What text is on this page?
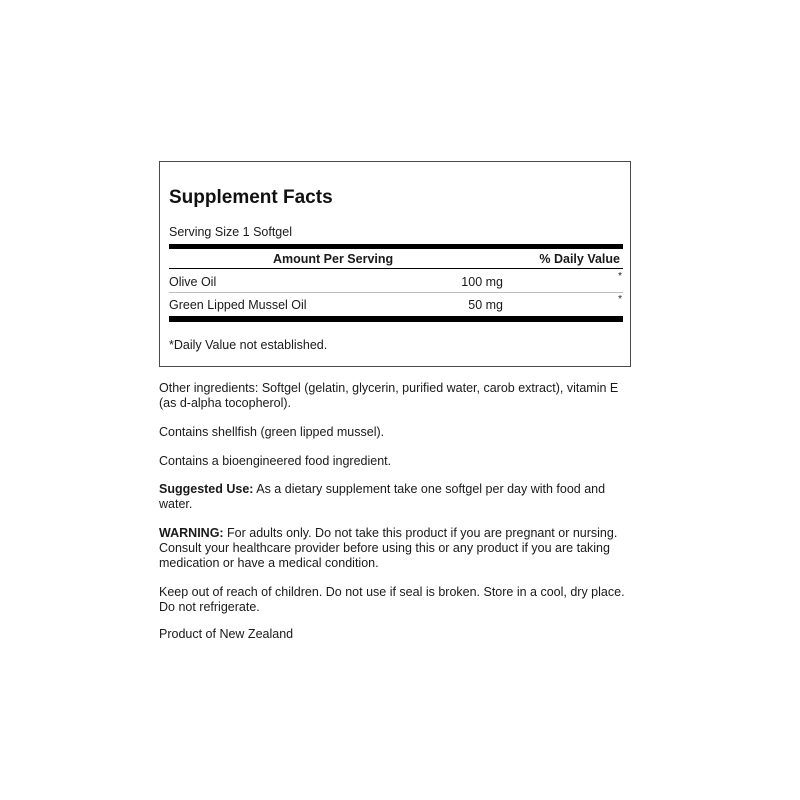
Supplement Facts
Serving Size 1 Softgel
Amount Per Serving	% Daily Value
Olive Oil	100 mg	*
Green Lipped Mussel Oil	50 mg	*
*Daily Value not established.

Other ingredients: Softgel (gelatin, glycerin, purified water, carob extract), vitamin E (as d-alpha tocopherol).

Contains shellfish (green lipped mussel).

Contains a bioengineered food ingredient.

Suggested Use: As a dietary supplement take one softgel per day with food and water.

WARNING: For adults only. Do not take this product if you are pregnant or nursing. Consult your healthcare provider before using this or any product if you are taking medication or have a medical condition.

Keep out of reach of children. Do not use if seal is broken. Store in a cool, dry place. Do not refrigerate.

Product of New Zealand
